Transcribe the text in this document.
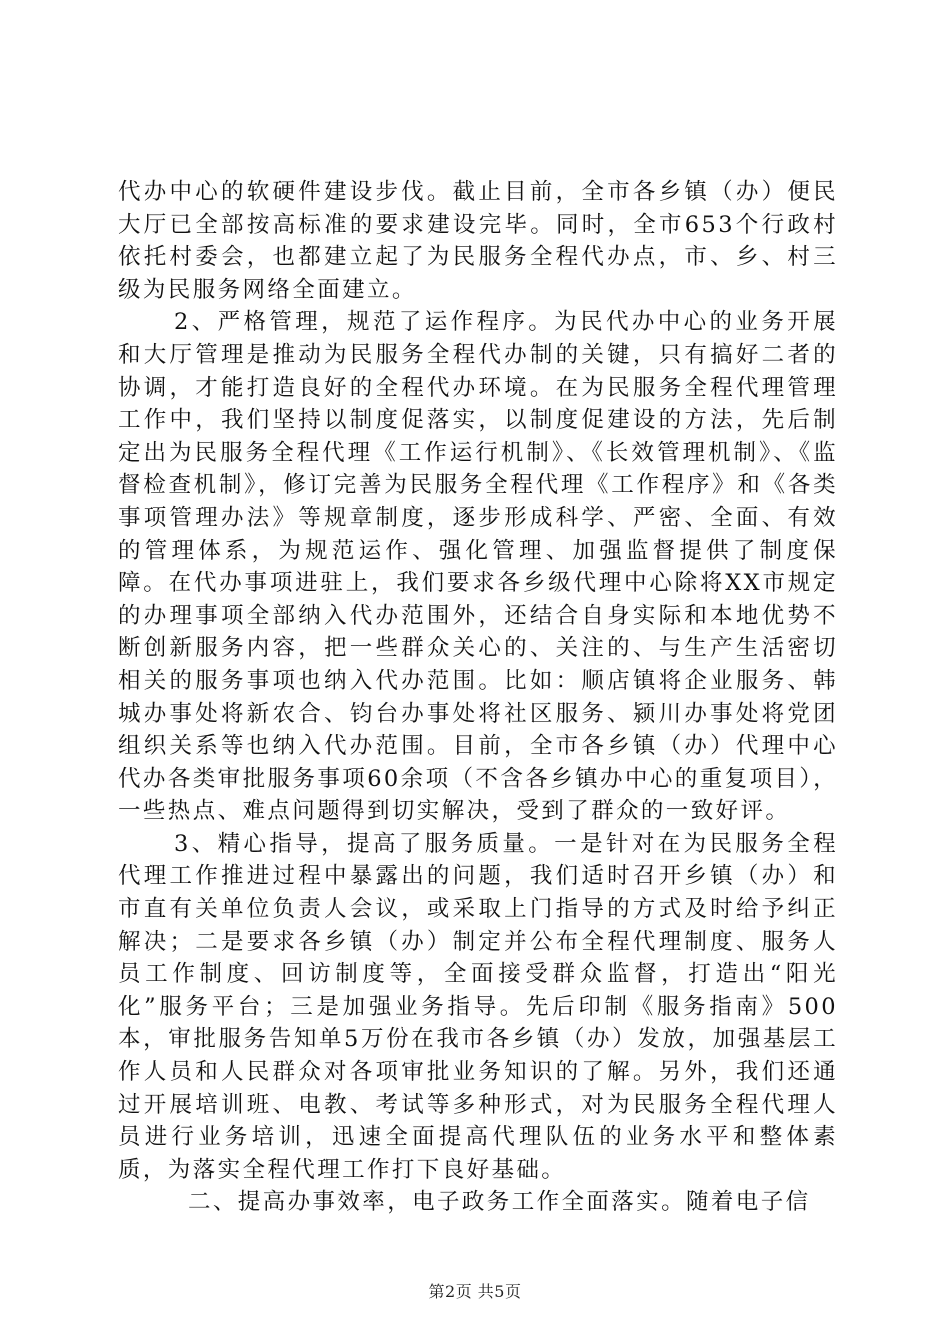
代办中心的软硬件建设步伐。截止目前，全市各乡镇（办）便民大厅已全部按高标准的要求建设完毕。同时，全市653个行政村依托村委会，也都建立起了为民服务全程代办点，市、乡、村三级为民服务网络全面建立。

2、严格管理，规范了运作程序。为民代办中心的业务开展和大厅管理是推动为民服务全程代办制的关键，只有搞好二者的协调，才能打造良好的全程代办环境。在为民服务全程代理管理工作中，我们坚持以制度促落实，以制度促建设的方法，先后制定出为民服务全程代理《工作运行机制》、《长效管理机制》、《监督检查机制》，修订完善为民服务全程代理《工作程序》和《各类事项管理办法》等规章制度，逐步形成科学、严密、全面、有效的管理体系，为规范运作、强化管理、加强监督提供了制度保障。在代办事项进驻上，我们要求各乡级代理中心除将XX市规定的办理事项全部纳入代办范围外，还结合自身实际和本地优势不断创新服务内容，把一些群众关心的、关注的、与生产生活密切相关的服务事项也纳入代办范围。比如：顺店镇将企业服务、韩城办事处将新农合、钧台办事处将社区服务、颍川办事处将党团组织关系等也纳入代办范围。目前，全市各乡镇（办）代理中心代办各类审批服务事项60余项（不含各乡镇办中心的重复项目），一些热点、难点问题得到切实解决，受到了群众的一致好评。

3、精心指导，提高了服务质量。一是针对在为民服务全程代理工作推进过程中暴露出的问题，我们适时召开乡镇（办）和市直有关单位负责人会议，或采取上门指导的方式及时给予纠正解决；二是要求各乡镇（办）制定并公布全程代理制度、服务人员工作制度、回访制度等，全面接受群众监督，打造出“阳光化”服务平台；三是加强业务指导。先后印制《服务指南》500本，审批服务告知单5万份在我市各乡镇（办）发放，加强基层工作人员和人民群众对各项审批业务知识的了解。另外，我们还通过开展培训班、电教、考试等多种形式，对为民服务全程代理人员进行业务培训，迅速全面提高代理队伍的业务水平和整体素质，为落实全程代理工作打下良好基础。

二、提高办事效率，电子政务工作全面落实。随着电子信

第2页 共5页
